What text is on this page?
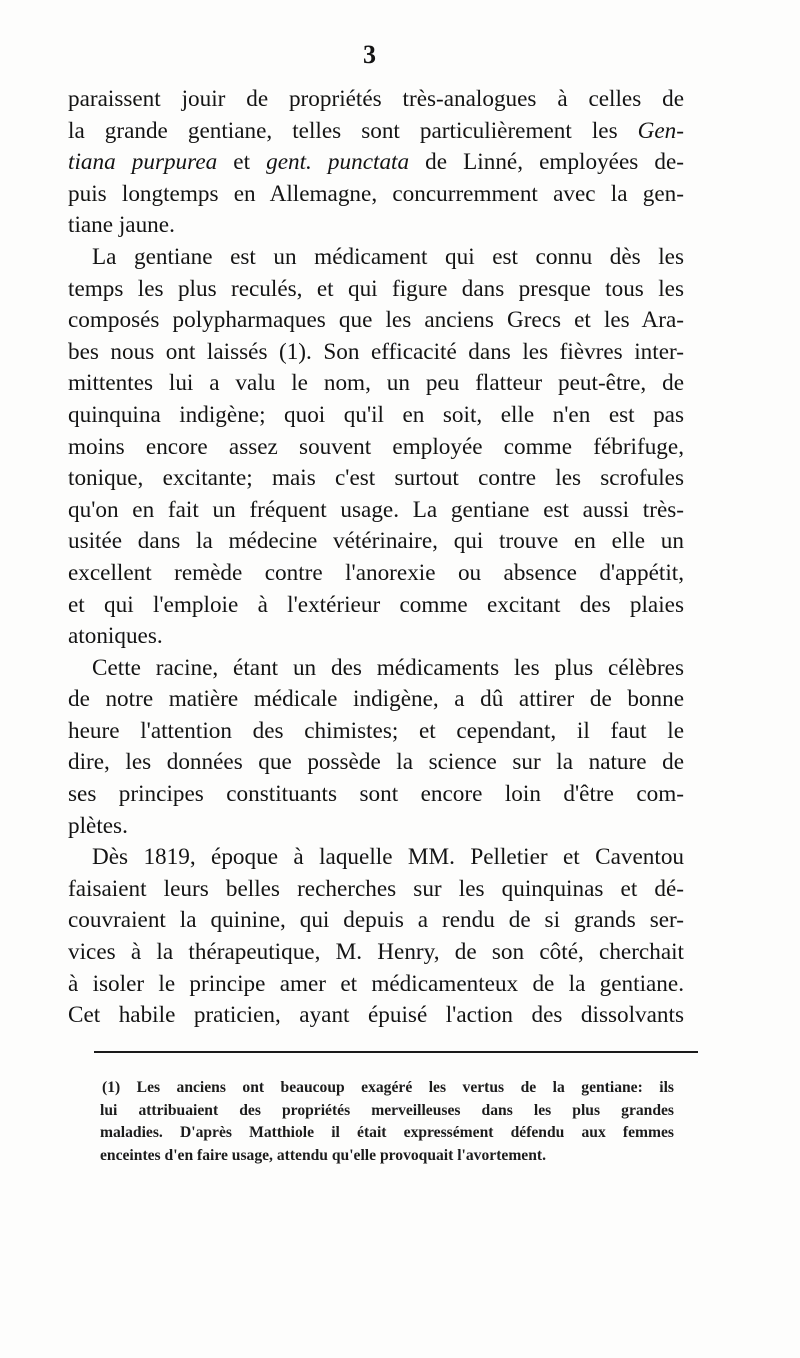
3
paraissent jouir de propriétés très-analogues à celles de
la grande gentiane, telles sont particulièrement les Gen-
tiana purpurea et gent. punctata de Linné, employées de-
puis longtemps en Allemagne, concurremment avec la gen-
tiane jaune.
La gentiane est un médicament qui est connu dès les
temps les plus reculés, et qui figure dans presque tous les
composés polypharmaques que les anciens Grecs et les Ara-
bes nous ont laissés (1). Son efficacité dans les fièvres inter-
mittentes lui a valu le nom, un peu flatteur peut-être, de
quinquina indigène; quoi qu'il en soit, elle n'en est pas
moins encore assez souvent employée comme fébrifuge,
tonique, excitante; mais c'est surtout contre les scrofules
qu'on en fait un fréquent usage. La gentiane est aussi très-
usitée dans la médecine vétérinaire, qui trouve en elle un
excellent remède contre l'anorexie ou absence d'appétit,
et qui l'emploie à l'extérieur comme excitant des plaies
atoniques.
Cette racine, étant un des médicaments les plus célèbres
de notre matière médicale indigène, a dû attirer de bonne
heure l'attention des chimistes; et cependant, il faut le
dire, les données que possède la science sur la nature de
ses principes constituants sont encore loin d'être com-
plètes.
Dès 1819, époque à laquelle MM. Pelletier et Caventou
faisaient leurs belles recherches sur les quinquinas et dé-
couvraient la quinine, qui depuis a rendu de si grands ser-
vices à la thérapeutique, M. Henry, de son côté, cherchait
à isoler le principe amer et médicamenteux de la gentiane.
Cet habile praticien, ayant épuisé l'action des dissolvants
(1) Les anciens ont beaucoup exagéré les vertus de la gentiane: ils
lui attribuaient des propriétés merveilleuses dans les plus grandes
maladies. D'après Matthiole il était expressément défendu aux femmes
enceintes d'en faire usage, attendu qu'elle provoquait l'avortement.
